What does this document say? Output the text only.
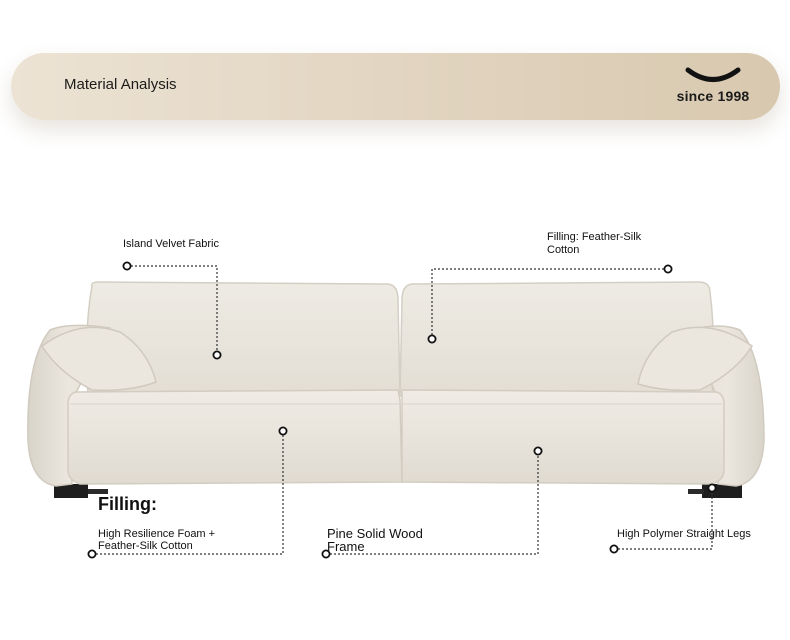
Material Analysis
since 1998
Island Velvet Fabric
Filling: Feather-Silk
Cotton
Filling:
High Resilience Foam +
Feather-Silk Cotton
Pine Solid Wood
Frame
High Polymer Straight Legs
